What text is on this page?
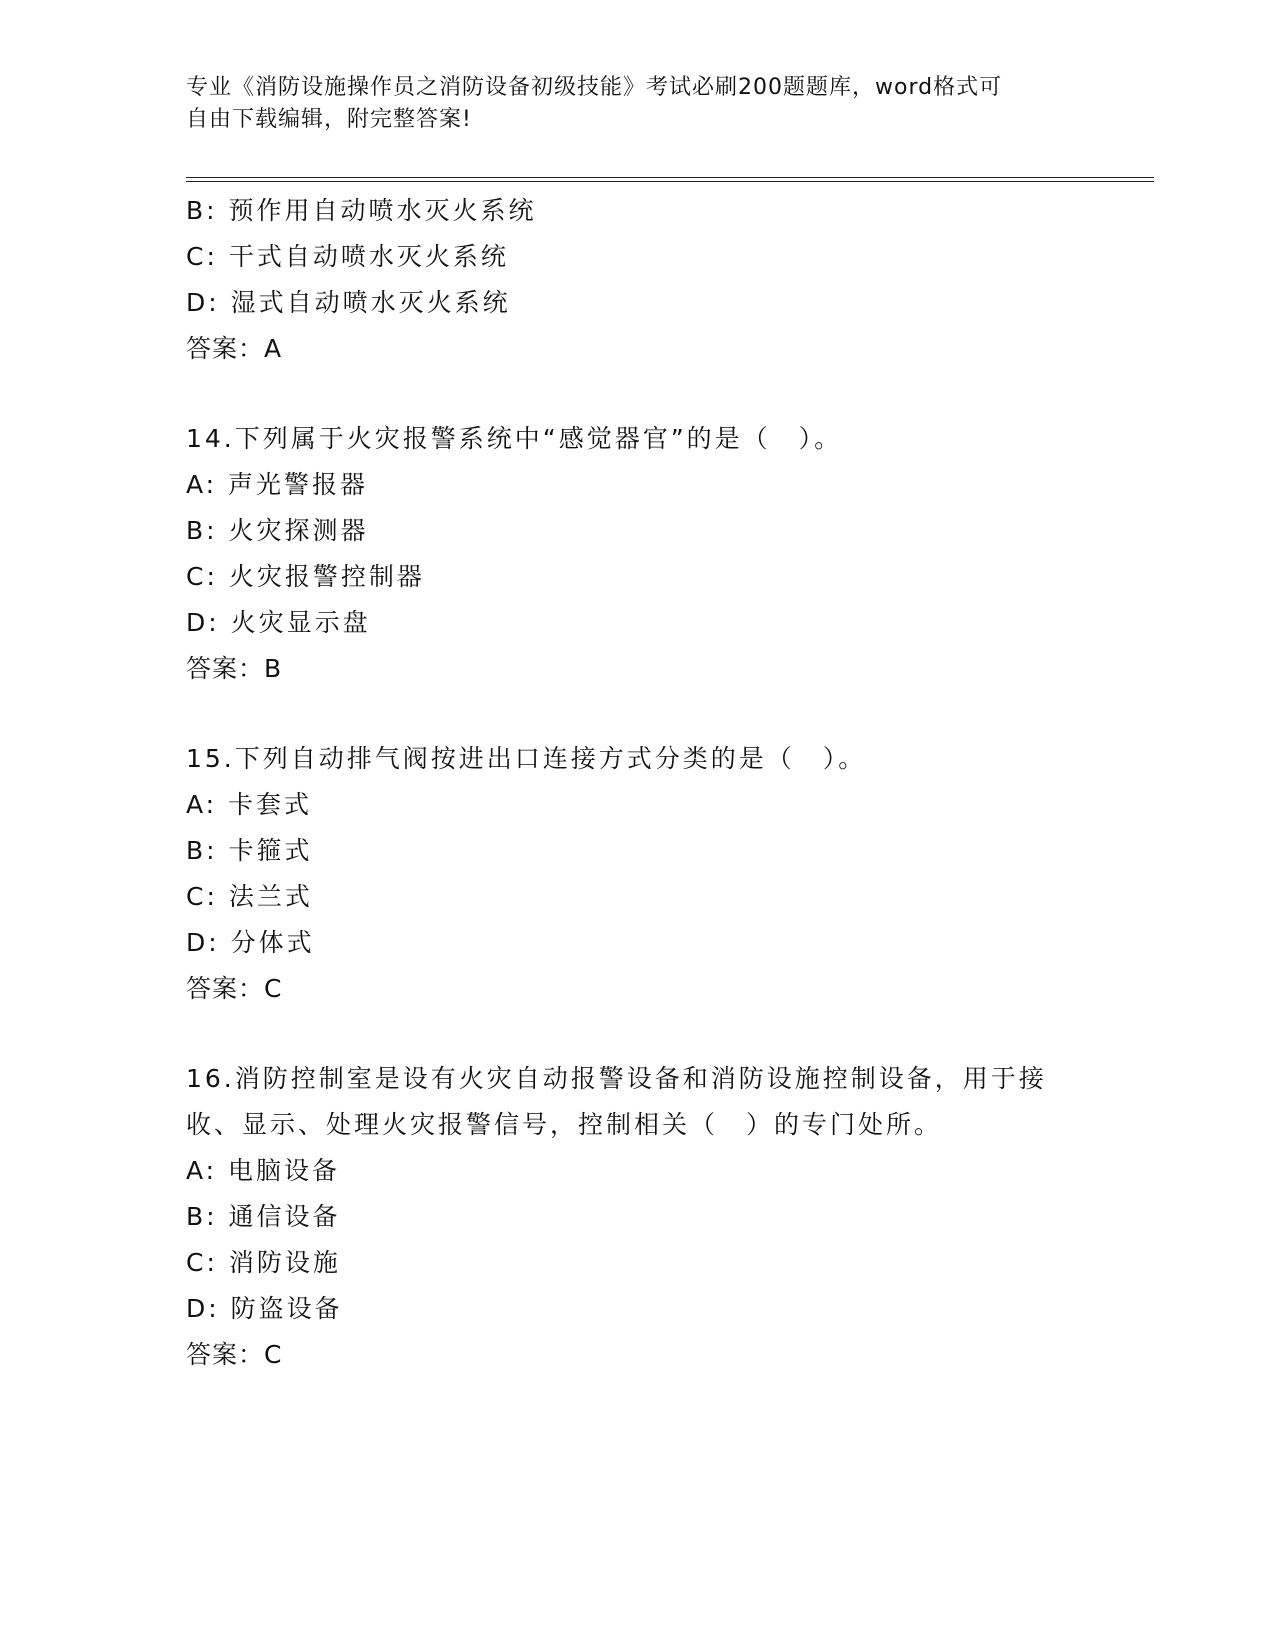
专业《消防设施操作员之消防设备初级技能》考试必刷200题题库，word格式可
自由下载编辑，附完整答案!
B: 预作用自动喷水灭火系统
C: 干式自动喷水灭火系统
D: 湿式自动喷水灭火系统
答案：A
14.下列属于火灾报警系统中“感觉器官”的是（　）。
A: 声光警报器
B: 火灾探测器
C: 火灾报警控制器
D: 火灾显示盘
答案：B
15.下列自动排气阀按进出口连接方式分类的是（　）。
A: 卡套式
B: 卡箍式
C: 法兰式
D: 分体式
答案：C
16.消防控制室是设有火灾自动报警设备和消防设施控制设备，用于接
收、显示、处理火灾报警信号，控制相关（　）的专门处所。
A: 电脑设备
B: 通信设备
C: 消防设施
D: 防盗设备
答案：C
